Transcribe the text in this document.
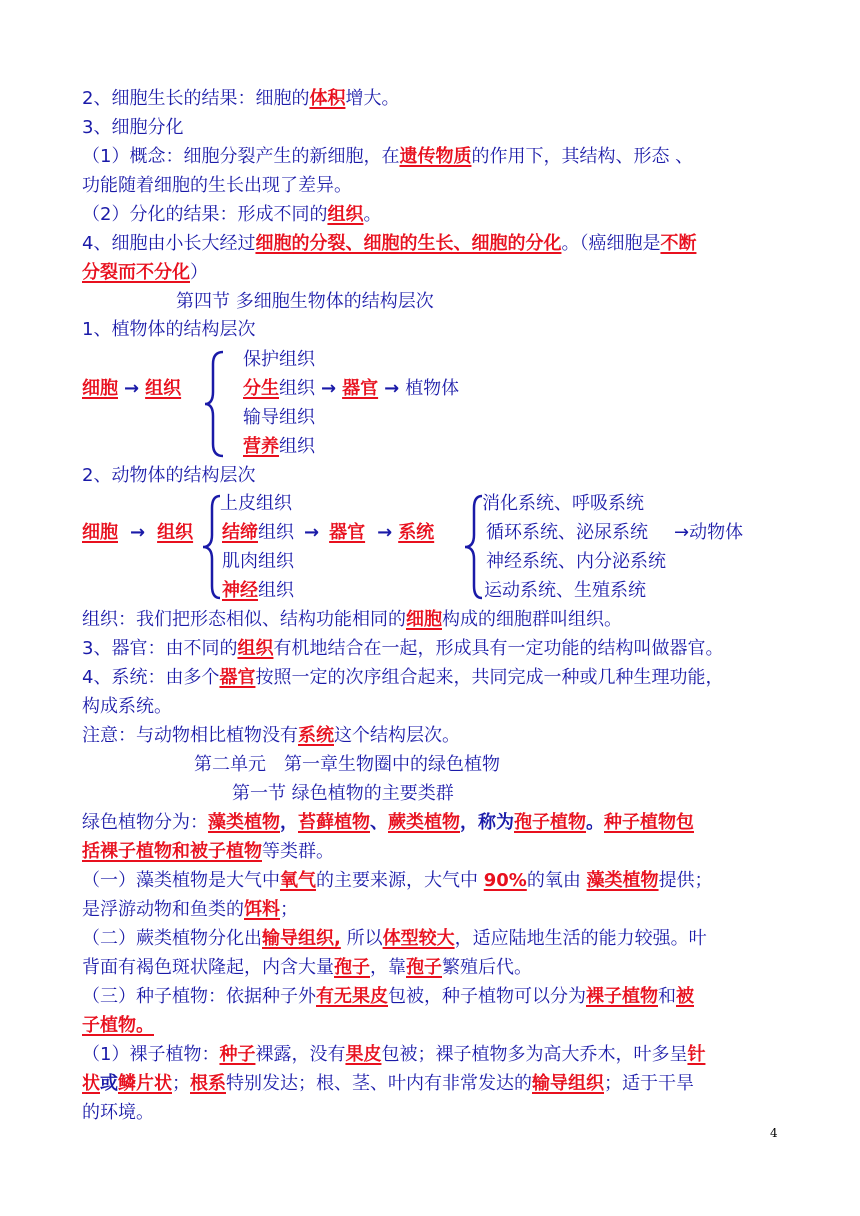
2、细胞生长的结果：细胞的体积增大。
3、细胞分化
（1）概念：细胞分裂产生的新细胞，在遗传物质的作用下，其结构、形态 、
功能随着细胞的生长出现了差异。
（2）分化的结果：形成不同的组织。
4、细胞由小长大经过细胞的分裂、细胞的生长、细胞的分化。（癌细胞是不断
分裂而不分化）
第四节 多细胞生物体的结构层次
1、植物体的结构层次
保护组织
细胞 → 组织	分生组织 → 器官 → 植物体
输导组织
营养组织
2、动物体的结构层次
上皮组织
细胞 → 组织 结缔组织 → 器官 → 系统
肌肉组织
神经组织
消化系统、呼吸系统
循环系统、泌尿系统 →动物体
神经系统、内分泌系统
运动系统、生殖系统
组织：我们把形态相似、结构功能相同的细胞构成的细胞群叫组织。
3、器官：由不同的组织有机地结合在一起，形成具有一定功能的结构叫做器官。
4、系统：由多个器官按照一定的次序组合起来，共同完成一种或几种生理功能，
构成系统。
注意：与动物相比植物没有系统这个结构层次。
第二单元　第一章生物圈中的绿色植物
第一节 绿色植物的主要类群
绿色植物分为：藻类植物，苔藓植物、蕨类植物，称为孢子植物。种子植物包
括裸子植物和被子植物等类群。
（一）藻类植物是大气中氧气的主要来源，大气中 90%的氧由 藻类植物提供；
是浮游动物和鱼类的饵料；
（二）蕨类植物分化出输导组织, 所以体型较大，适应陆地生活的能力较强。叶
背面有褐色斑状隆起，内含大量孢子，靠孢子繁殖后代。
（三）种子植物：依据种子外有无果皮包被，种子植物可以分为裸子植物和被
子植物。
（1）裸子植物：种子裸露，没有果皮包被；裸子植物多为高大乔木，叶多呈针
状或鳞片状；根系特别发达；根、茎、叶内有非常发达的输导组织；适于干旱
的环境。
4
